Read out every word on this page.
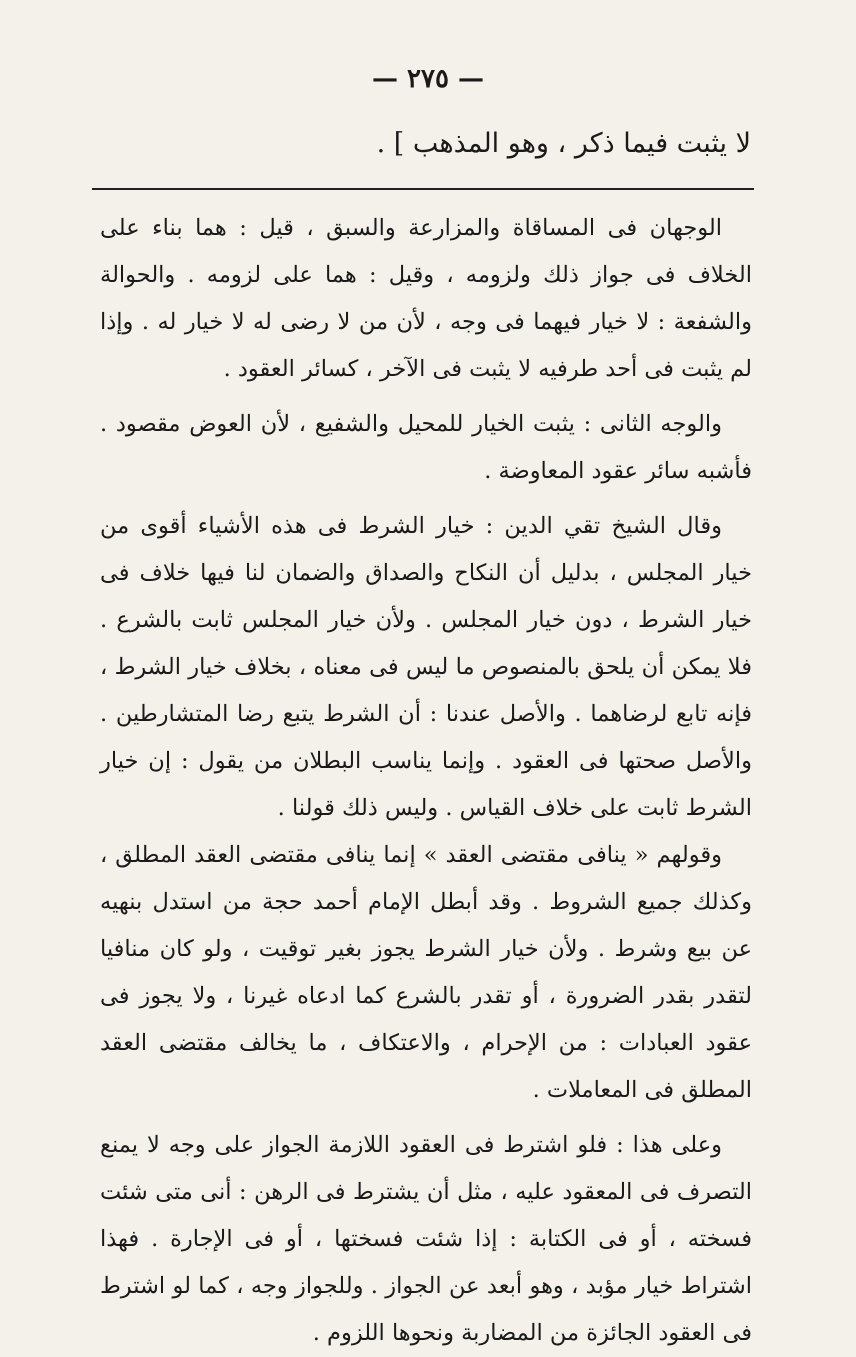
— ٢٧٥ —
لا يثبت فيما ذكر ، وهو المذهب ] .

الوجهان فى المساقاة والمزارعة والسبق ، قيل : هما بناء على الخلاف فى جواز ذلك ولزومه ، وقيل : هما على لزومه . والحوالة والشفعة : لا خيار فيهما فى وجه ، لأن من لا رضى له لا خيار له . وإذا لم يثبت فى أحد طرفيه لا يثبت فى الآخر ، كسائر العقود .

والوجه الثانى : يثبت الخيار للمحيل والشفيع ، لأن العوض مقصود . فأشبه سائر عقود المعاوضة .

وقال الشيخ تقي الدين : خيار الشرط فى هذه الأشياء أقوى من خيار المجلس ، بدليل أن النكاح والصداق والضمان لنا فيها خلاف فى خيار الشرط ، دون خيار المجلس . ولأن خيار المجلس ثابت بالشرع . فلا يمكن أن يلحق بالمنصوص ما ليس فى معناه ، بخلاف خيار الشرط ، فإنه تابع لرضاهما . والأصل عندنا : أن الشرط يتبع رضا المتشارطين . والأصل صحتها فى العقود . وإنما يناسب البطلان من يقول : إن خيار الشرط ثابت على خلاف القياس . وليس ذلك قولنا .

وقولهم « ينافى مقتضى العقد » إنما ينافى مقتضى العقد المطلق ، وكذلك جميع الشروط . وقد أبطل الإمام أحمد حجة من استدل بنهيه عن بيع وشرط . ولأن خيار الشرط يجوز بغير توقيت ، ولو كان منافيا لتقدر بقدر الضرورة ، أو تقدر بالشرع كما ادعاه غيرنا ، ولا يجوز فى عقود العبادات : من الإحرام ، والاعتكاف ، ما يخالف مقتضى العقد المطلق فى المعاملات .

وعلى هذا : فلو اشترط فى العقود اللازمة الجواز على وجه لا يمنع التصرف فى المعقود عليه ، مثل أن يشترط فى الرهن : أنى متى شئت فسخته ، أو فى الكتابة : إذا شئت فسختها ، أو فى الإجارة . فهذا اشتراط خيار مؤبد ، وهو أبعد عن الجواز . وللجواز وجه ، كما لو اشترط فى العقود الجائزة من المضاربة ونحوها اللزوم .
